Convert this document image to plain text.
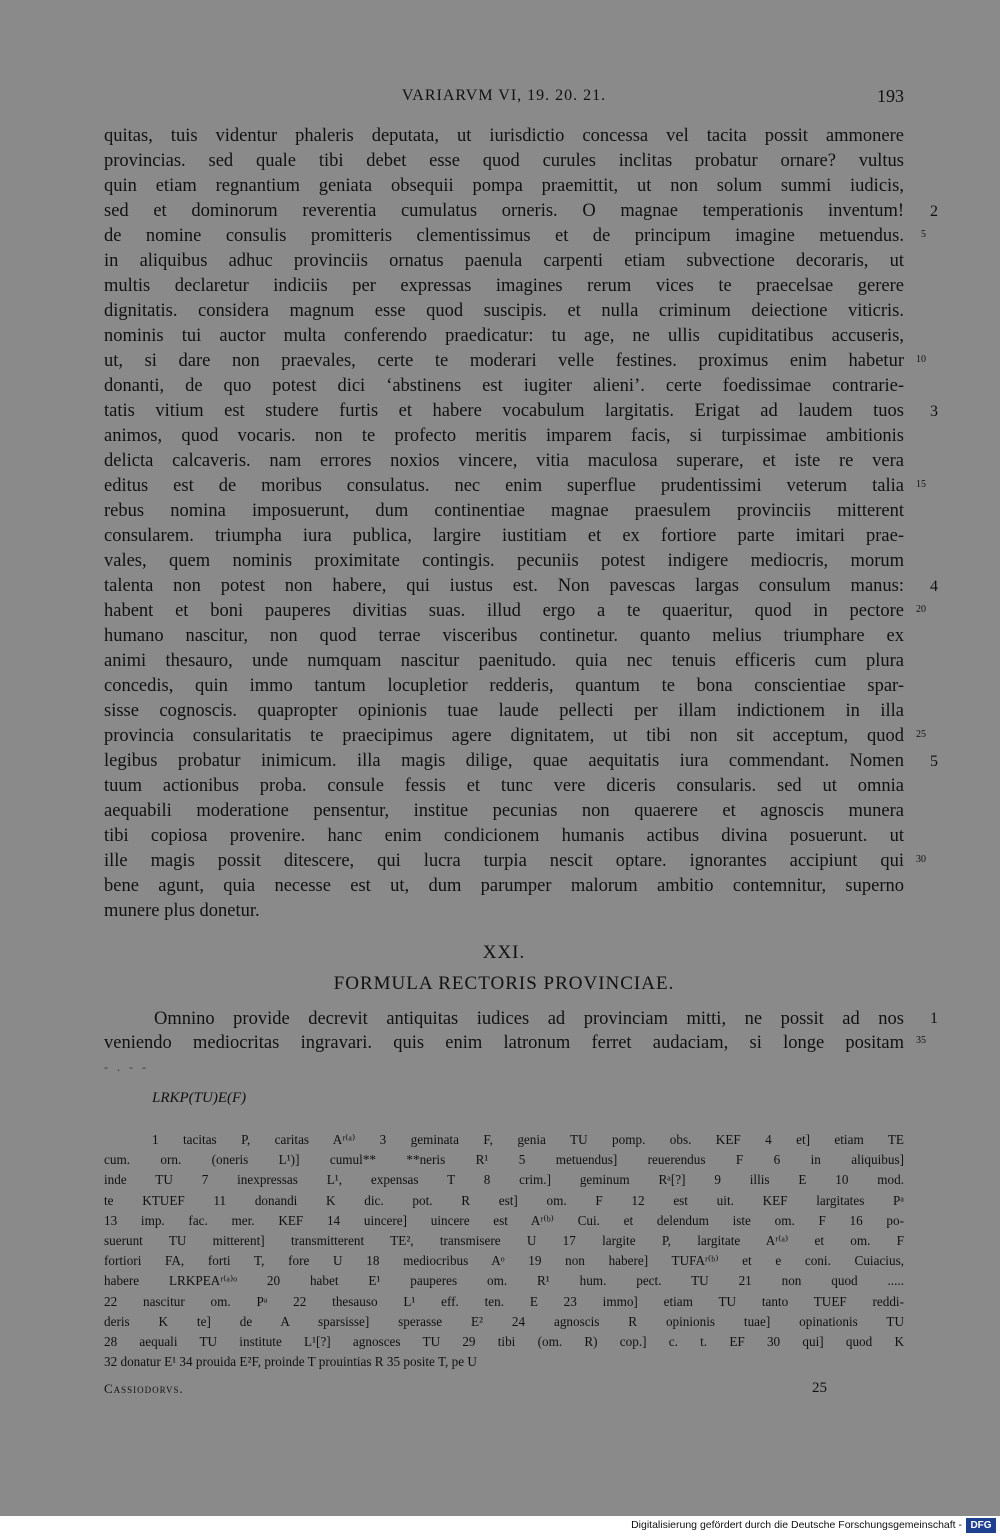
VARIARVM VI, 19. 20. 21.	193
quitas, tuis videntur phaleris deputata, ut iurisdictio concessa vel tacita possit ammonere
provincias. sed quale tibi debet esse quod curules inclitas probatur ornare? vultus
quin etiam regnantium geniata obsequii pompa praemittit, ut non solum summi iudicis,
sed et dominorum reverentia cumulatus orneris. O magnae temperationis inventum! 2
de nomine consulis promitteris clementissimus et de principum imagine metuendus. 5
in aliquibus adhuc provinciis ornatus paenula carpenti etiam subvectione decoraris, ut
multis declaretur indiciis per expressas imagines rerum vices te praecelsae gerere
dignitatis. considera magnum esse quod suscipis. et nulla criminum deiectione viticris.
nominis tui auctor multa conferendo praedicatur: tu age, ne ullis cupiditatibus accuseris,
ut, si dare non praevales, certe te moderari velle festines. proximus enim habetur 10
donanti, de quo potest dici ‘abstinens est iugiter alieni’. certe foedissimae contrarie-
tatis vitium est studere furtis et habere vocabulum largitatis. Erigat ad laudem tuos 3
animos, quod vocaris. non te profecto meritis imparem facis, si turpissimae ambitionis
delicta calcaveris. nam errores noxios vincere, vitia maculosa superare, et iste re vera
editus est de moribus consulatus. nec enim superflue prudentissimi veterum talia 15
rebus nomina imposuerunt, dum continentiae magnae praesulem provinciis mitterent
consularem. triumpha iura publica, largire iustitiam et ex fortiore parte imitari prae-
vales, quem nominis proximitate contingis. pecuniis potest indigere mediocris, morum
talenta non potest non habere, qui iustus est. Non pavescas largas consulum manus: 4
habent et boni pauperes divitias suas. illud ergo a te quaeritur, quod in pectore 20
humano nascitur, non quod terrae visceribus continetur. quanto melius triumphare ex
animi thesauro, unde numquam nascitur paenitudo. quia nec tenuis efficeris cum plura
concedis, quin immo tantum locupletior redderis, quantum te bona conscientiae spar-
sisse cognoscis. quapropter opinionis tuae laude pellecti per illam indictionem in illa
provincia consularitatis te praecipimus agere dignitatem, ut tibi non sit acceptum, quod 25
legibus probatur inimicum. illa magis dilige, quae aequitatis iura commendant. Nomen 5
tuum actionibus proba. consule fessis et tunc vere diceris consularis. sed ut omnia
aequabili moderatione pensentur, institue pecunias non quaerere et agnoscis munera
tibi copiosa provenire. hanc enim condicionem humanis actibus divina posuerunt. ut
ille magis possit ditescere, qui lucra turpia nescit optare. ignorantes accipiunt qui 30
bene agunt, quia necesse est ut, dum parumper malorum ambitio contemnitur, superno
munere plus donetur.
XXI.
FORMULA RECTORIS PROVINCIAE.
Omnino provide decrevit antiquitas iudices ad provinciam mitti, ne possit ad nos 1
veniendo mediocritas ingravari. quis enim latronum ferret audaciam, si longe positam 35
- . - -
LRKP(TU)E(F)
1 tacitas P, caritas Aʳ⁽ᵃ⁾ 3 geminata F, genia TU pomp. obs. KEF 4 et] etiam TE
cum. orn. (oneris L¹)] cumul** **neris R¹ 5 metuendus] reuerendus F 6 in aliquibus]
inde TU 7 inexpressas L¹, expensas T 8 crim.] geminum Rᵃ[?] 9 illis E 10 mod.
te KTUEF 11 donandi K dic. pot. R est] om. F 12 est uit. KEF largitates Pᵃ
13 imp. fac. mer. KEF 14 uincere] uincere est Aʳ⁽ᵇ⁾ Cui. et delendum iste om. F 16 po-
suerunt TU mitterent] transmitterent TE², transmisere U 17 largite P, largitate Aʳ⁽ᵃ⁾ et om. F
fortiori FA, forti T, fore U 18 mediocribus Aᵒ 19 non habere] TUFAʳ⁽ᵇ⁾ et e coni. Cuiacius,
habere LRKPEAʳ⁽ᵃ⁾ᵒ 20 habet E¹ pauperes om. R¹ hum. pect. TU 21 non quod .....
22 nascitur om. Pᵃ 22 thesauso L¹ eff. ten. E 23 immo] etiam TU tanto TUEF reddi-
deris K te] de A sparsisse] sperasse E² 24 agnoscis R opinionis tuae] opinationis TU
28 aequali TU institute L¹[?] agnosces TU 29 tibi (om. R) cop.] c. t. EF 30 qui] quod K
32 donatur E¹ 34 prouida E²F, proinde T prouintias R 35 posite T, pe U
Cassiodorvs.	25
Digitalisierung gefördert durch die Deutsche Forschungsgemeinschaft - DFG
